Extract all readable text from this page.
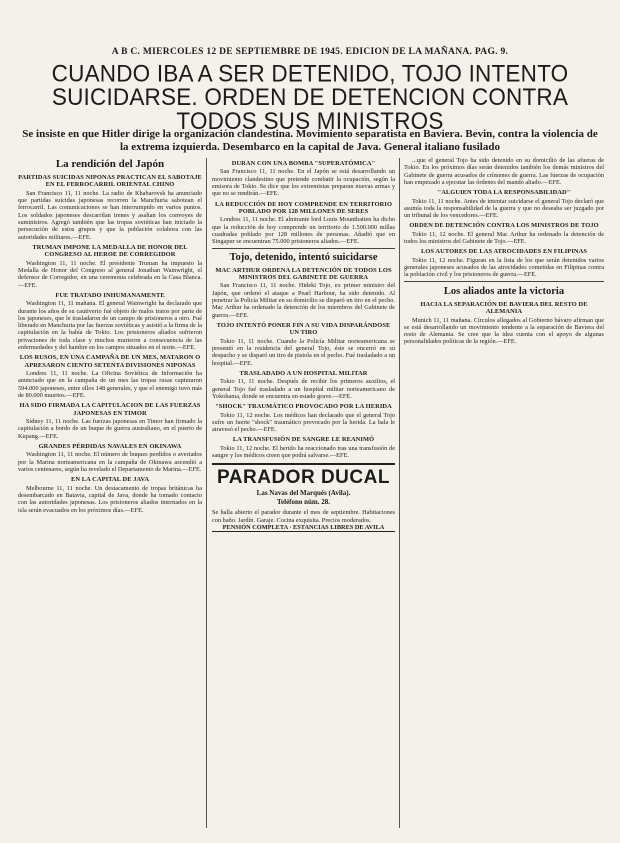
A B C. MIERCOLES 12 DE SEPTIEMBRE DE 1945. EDICION DE LA MAÑANA. PAG. 9.
CUANDO IBA A SER DETENIDO, TOJO INTENTO SUICIDARSE. ORDEN DE DETENCION CONTRA TODOS SUS MINISTROS
Se insiste en que Hitler dirige la organización clandestina. Movimiento separatista en Baviera. Bevin, contra la violencia de la extrema izquierda. Desembarco en la capital de Java. General italiano fusilado
La rendición del Japón
PARTIDAS SUICIDAS NIPONAS PRACTICAN EL SABOTAJE EN EL FERROCARRIL ORIENTAL CHINO

San Francisco 11, 11 noche. La radio de Khabarovsk ha anunciado que partidas suicidas japonesas recorren la Manchuria sabotean el ferrocarril. Las comunicaciones se han interrumpido en varios puntos. Los soldados japoneses descarrilan trenes y asaltan los convoyes de suministros. Agregó también que las tropas soviéticas han iniciado la persecución de estos grupos y que la población colabora con las autoridades militares.—EFE.

TRUMAN IMPONE LA MEDALLA DE HONOR DEL CONGRESO AL HEROE DE CORREGIDOR

Washington 11, 11 noche. El presidente Truman ha impuesto la Medalla de Honor del Congreso al general Jonathan Wainwright, el defensor de Corregidor, en una ceremonia celebrada en la Casa Blanca.—EFE.

FUE TRATADO INHUMANAMENTE

Washington 11, 11 mañana. El general Wainwright ha declarado que durante los años de su cautiverio fué objeto de malos tratos por parte de los japoneses, que le trasladaron de un campo de prisioneros a otro. Fué liberado en Manchuria por las fuerzas soviéticas y asistió a la firma de la capitulación en la bahía de Tokio. Los prisioneros aliados sufrieron privaciones de toda clase y muchos murieron a consecuencia de las enfermedades y del hambre en los campos situados en el norte.—EFE.

LOS RUSOS, EN UNA CAMPAÑA DE UN MES, MATARON O APRESARON CIENTO SETENTA DIVISIONES NIPONAS

Londres 11, 11 noche. La Oficina Soviética de Información ha anunciado que en la campaña de un mes las tropas rusas capturaron 594.000 japoneses, entre ellos 148 generales, y que el enemigo tuvo más de 80.000 muertos.—EFE.

HA SIDO FIRMADA LA CAPITULACION DE LAS FUERZAS JAPONESAS EN TIMOR

Sídney 11, 11 noche. Las fuerzas japonesas en Timor han firmado la capitulación a bordo de un buque de guerra australiano, en el puerto de Kupang.—EFE.

GRANDES PÉRDIDAS NAVALES EN OKINAWA

Washington 11, 11 noche. El número de buques perdidos o averiados por la Marina norteamericana en la campaña de Okinawa ascendió a varios centenares, según ha revelado el Departamento de Marina.—EFE.

EN LA CAPITAL DE JAVA

Melbourne 11, 11 noche. Un destacamento de tropas británicas ha desembarcado en Batavia, capital de Java, donde ha tomado contacto con las autoridades japonesas. Los prisioneros aliados internados en la isla serán evacuados en los próximos días.—EFE.

DURAN CON UNA BOMBA "SUPERATÓMICA"

San Francisco 11, 11 noche. En el Japón se está desarrollando un movimiento clandestino que pretende combatir la ocupación, según la emisora de Tokio. Se dice que los extremistas preparan nuevas armas y que no se rendirán.—EFE.

LA REDUCCIÓN DE HOY COMPRENDE EN TERRITORIO POBLADO POR 128 MILLONES DE SERES

Londres 11, 11 noche. El almirante lord Louis Mountbatten ha dicho que la reducción de hoy comprende un territorio de 1.500.000 millas cuadradas poblado por 128 millones de personas. Añadió que en Singapur se encuentran 75.000 prisioneros aliados.—EFE.

Tojo, detenido, intentó suicidarse
MAC ARTHUR ORDENA LA DETENCIÓN DE TODOS LOS MINISTROS DEL GABINETE DE GUERRA

San Francisco 11, 11 noche. Hideki Tojo, ex primer ministro del Japón, que ordenó el ataque a Pearl Harbour, ha sido detenido. Al penetrar la Policía Militar en su domicilio se disparó un tiro en el pecho. Mac Arthur ha ordenado la detención de los miembros del Gabinete de guerra.—EFE.

TOJO INTENTÓ PONER FIN A SU VIDA DISPARÁNDOSE UN TIRO

Tokio 11, 11 noche. Cuando la Policía Militar norteamericana se presentó en la residencia del general Tojo, éste se encerró en su despacho y se disparó un tiro de pistola en el pecho. Fué trasladado a un hospital.—EFE.

TRASLADADO A UN HOSPITAL MILITAR

Tokio 11, 11 noche. Después de recibir los primeros auxilios, el general Tojo fué trasladado a un hospital militar norteamericano de Yokohama, donde se encuentra en estado grave.—EFE.

"SHOCK" TRAUMÁTICO PROVOCADO POR LA HERIDA

Tokio 11, 12 noche. Los médicos han declarado que el general Tojo sufre un fuerte "shock" traumático provocado por la herida. La bala le atravesó el pecho.—EFE.

LA TRANSFUSIÓN DE SANGRE LE REANIMÓ

Tokio 11, 12 noche. El herido ha reaccionado tras una transfusión de sangre y los médicos creen que podrá salvarse.—EFE.

PARADOR DUCAL
Las Navas del Marqués (Avila).
Teléfono núm. 28.
Se halla abierto el parador durante el mes de septiembre. Habitaciones con baño. Jardín. Garaje. Cocina exquisita. Precios moderados.
PENSIÓN COMPLETA · ESTANCIAS LIBRES DE AVILA

...que el general Tojo ha sido detenido en su domicilio de las afueras de Tokio. En los próximos días serán detenidos también los demás ministros del Gabinete de guerra acusados de crímenes de guerra. Las fuerzas de ocupación han empezado a ejecutar las órdenes del mando aliado.—EFE.

"ALGUIEN TODA LA RESPONSABILIDAD"

Tokio 11, 11 noche. Antes de intentar suicidarse el general Tojo declaró que asumía toda la responsabilidad de la guerra y que no deseaba ser juzgado por un tribunal de los vencedores.—EFE.

ORDEN DE DETENCIÓN CONTRA LOS MINISTROS DE TOJO

Tokio 11, 12 noche. El general Mac Arthur ha ordenado la detención de todos los ministros del Gabinete de Tojo.—EFE.

LOS AUTORES DE LAS ATROCIDADES EN FILIPINAS

Tokio 11, 12 noche. Figuran en la lista de los que serán detenidos varios generales japoneses acusados de las atrocidades cometidas en Filipinas contra la población civil y los prisioneros de guerra.—EFE.

Los aliados ante la victoria
HACIA LA SEPARACIÓN DE BAVIERA DEL RESTO DE ALEMANIA

Munich 11, 11 mañana. Círculos allegados al Gobierno bávaro afirman que se está desarrollando un movimiento tendente a la separación de Baviera del resto de Alemania. Se cree que la idea cuenta con el apoyo de algunas personalidades políticas de la región.—EFE.
